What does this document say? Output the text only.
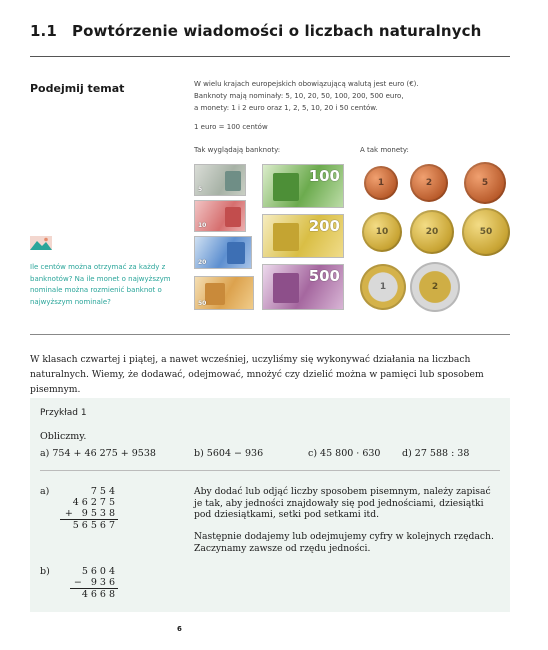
1.1 Powtórzenie wiadomości o liczbach naturalnych
Podejmij temat	W wielu krajach europejskich obowiązującą walutą jest euro (€).

Banknoty mają nominały: 5, 10, 20, 50, 100, 200, 500 euro,

a monety: 1 i 2 euro oraz 1, 2, 5, 10, 20 i 50 centów.

1 euro = 100 centów

Tak wyglądają banknoty:	A tak monety:
5
10
20
50
100
200
500
1	2	5
10	20	50
1	2
Ile centów można otrzymać za każdy z banknotów? Na ile monet o najwyższym nominale można rozmienić banknot o najwyższym nominale?
W klasach czwartej i piątej, a nawet wcześniej, uczyliśmy się wykonywać działania na liczbach naturalnych. Wiemy, że dodawać, odejmować, mnożyć czy dzielić można w pamięci lub sposobem pisemnym.
Przykład 1
Obliczmy.
a) 754 + 46 275 + 9538	b) 5604 − 936	c) 45 800 · 630 d) 27 588 : 38
a)	754
46275
+ 9538
56567
Aby dodać lub odjąć liczby sposobem pisemnym, należy zapisać je tak, aby jedności znajdowały się pod jednościami, dziesiątki pod dziesiątkami, setki pod setkami itd.
Następnie dodajemy lub odejmujemy cyfry w kolejnych rzędach. Zaczynamy zawsze od rzędu jedności.
b)	5604
− 936
4668
6
